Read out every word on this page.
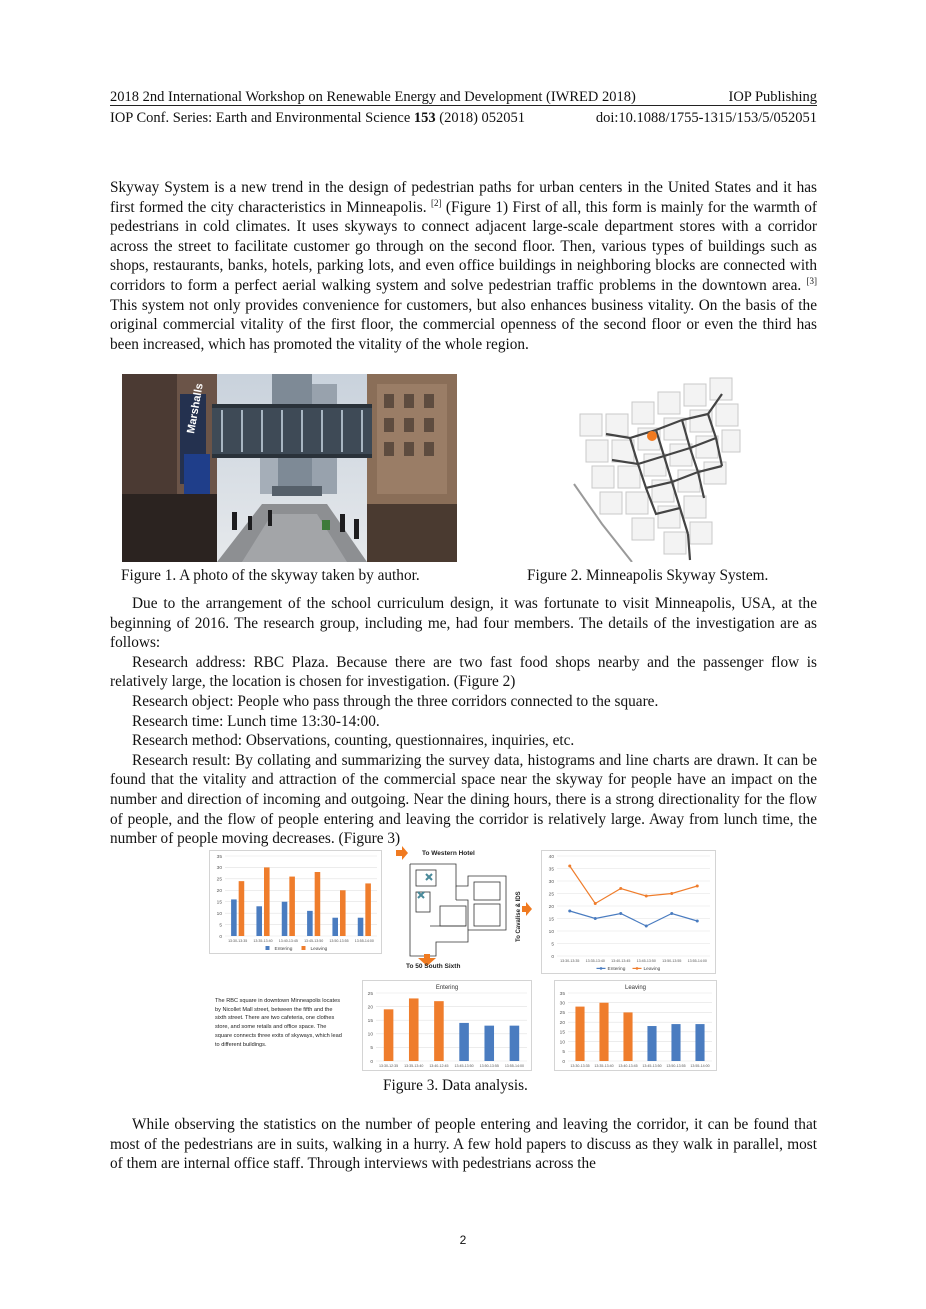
2018 2nd International Workshop on Renewable Energy and Development (IWRED 2018)	IOP Publishing
IOP Conf. Series: Earth and Environmental Science 153 (2018) 052051	doi:10.1088/1755-1315/153/5/052051

Skyway System is a new trend in the design of pedestrian paths for urban centers in the United States and it has first formed the city characteristics in Minneapolis. [2] (Figure 1) First of all, this form is mainly for the warmth of pedestrians in cold climates. It uses skyways to connect adjacent large-scale department stores with a corridor across the street to facilitate customer go through on the second floor. Then, various types of buildings such as shops, restaurants, banks, hotels, parking lots, and even office buildings in neighboring blocks are connected with corridors to form a perfect aerial walking system and solve pedestrian traffic problems in the downtown area. [3] This system not only provides convenience for customers, but also enhances business vitality. On the basis of the original commercial vitality of the first floor, the commercial openness of the second floor or even the third has been increased, which has promoted the vitality of the whole region.

Marshalls
Figure 1. A photo of the skyway taken by author.	Figure 2. Minneapolis Skyway System.

Due to the arrangement of the school curriculum design, it was fortunate to visit Minneapolis, USA, at the beginning of 2016. The research group, including me, had four members. The details of the investigation are as follows:

Research address: RBC Plaza. Because there are two fast food shops nearby and the passenger flow is relatively large, the location is chosen for investigation. (Figure 2)

Research object: People who pass through the three corridors connected to the square.

Research time: Lunch time 13:30-14:00.

Research method: Observations, counting, questionnaires, inquiries, etc.

Research result: By collating and summarizing the survey data, histograms and line charts are drawn. It can be found that the vitality and attraction of the commercial space near the skyway for people have an impact on the number and direction of incoming and outgoing. Near the dining hours, there is a strong directionality for the flow of people, and the flow of people entering and leaving the corridor is relatively large. Away from lunch time, the number of people moving decreases. (Figure 3)

0
5
10
15
20
25
30
35
13:30-13:35 13:35-13:40 13:40-13:45 13:45-13:50 13:50-13:55 13:55-14:00
Entering	Leaving
0
5
10
15
20
25
30
35
40
13:30-13:35 13:35-13:40 13:40-13:45 13:45-13:50 13:50-13:55 13:55-14:00
Entering	Leaving
Entering
0
5
10
15
20
25
13:30-12:35 13:35-13:40 13:40-12:45 13:45-13:50 13:50-13:55 13:55-14:00
Leaving
0
5
10
15
20
25
30
35
13:30-13:35 13:35-13:40 13:40-13:45 13:45-13:50 13:50-13:55 13:55-14:00
To Western Hotel
To Cavalise & IDS
To 50 South Sixth
The RBC square in downtown Minneapolis locates by Nicollet Mall street, between the fifth and the sixth street. There are two cafeteria, one clothes store, and some retails and office space. The square connects three exits of skyways, which lead to different buildings.
Figure 3. Data analysis.

While observing the statistics on the number of people entering and leaving the corridor, it can be found that most of the pedestrians are in suits, walking in a hurry. A few hold papers to discuss as they walk in parallel, most of them are internal office staff. Through interviews with pedestrians across the

2
